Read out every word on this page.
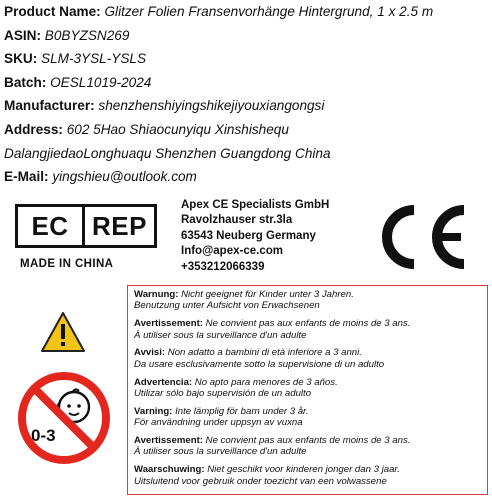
Product Name: Glitzer Folien Fransenvorhänge Hintergrund, 1 x 2.5 m
ASIN: B0BYZSN269
SKU: SLM-3YSL-YSLS
Batch: OESL1019-2024
Manufacturer: shenzhenshiyingshikejiyouxiangongsi
Address: 602 5Hao Shiaocunyiqu Xinshishequ
DalangjiedaoLonghuaqu Shenzhen Guangdong China
E-Mail: yingshieu@outlook.com
EC REP
MADE IN CHINA
Apex CE Specialists GmbH
Ravolzhauser str.3la
63543 Neuberg Germany
Info@apex-ce.com
+353212066339
0-3
Warnung: Nicht geeignet für Kinder unter 3 Jahren.
Benutzung unter Aufsicht von Erwachsenen
Avertissement: Ne convient pas aux enfants de moins de 3 ans.
À utiliser sous la surveillance d'un adulte
Avvisi: Non adatto a bambini di età inferiore a 3 anni.
Da usare esclusivamente sotto la supervisione di un adulto
Advertencia: No apto para menores de 3 años.
Utilizar sólo bajo supervisión de un adulto
Varning: Inte lämplig för barn under 3 år.
För användning under uppsyn av vuxna
Avertissement: Ne convient pas aux enfants de moins de 3 ans.
À utiliser sous la surveillance d'un adulte
Waarschuwing: Niet geschikt voor kinderen jonger dan 3 jaar.
Uitsluitend voor gebruik onder toezicht van een volwassene
